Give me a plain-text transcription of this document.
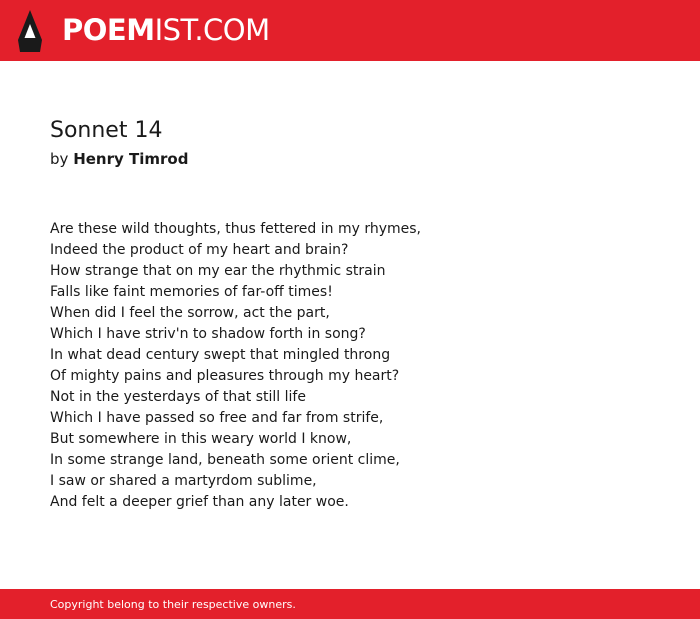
POEMIST.COM
Sonnet 14
by Henry Timrod
Are these wild thoughts, thus fettered in my rhymes,
Indeed the product of my heart and brain?
How strange that on my ear the rhythmic strain
Falls like faint memories of far-off times!
When did I feel the sorrow, act the part,
Which I have striv'n to shadow forth in song?
In what dead century swept that mingled throng
Of mighty pains and pleasures through my heart?
Not in the yesterdays of that still life
Which I have passed so free and far from strife,
But somewhere in this weary world I know,
In some strange land, beneath some orient clime,
I saw or shared a martyrdom sublime,
And felt a deeper grief than any later woe.
Copyright belong to their respective owners.
